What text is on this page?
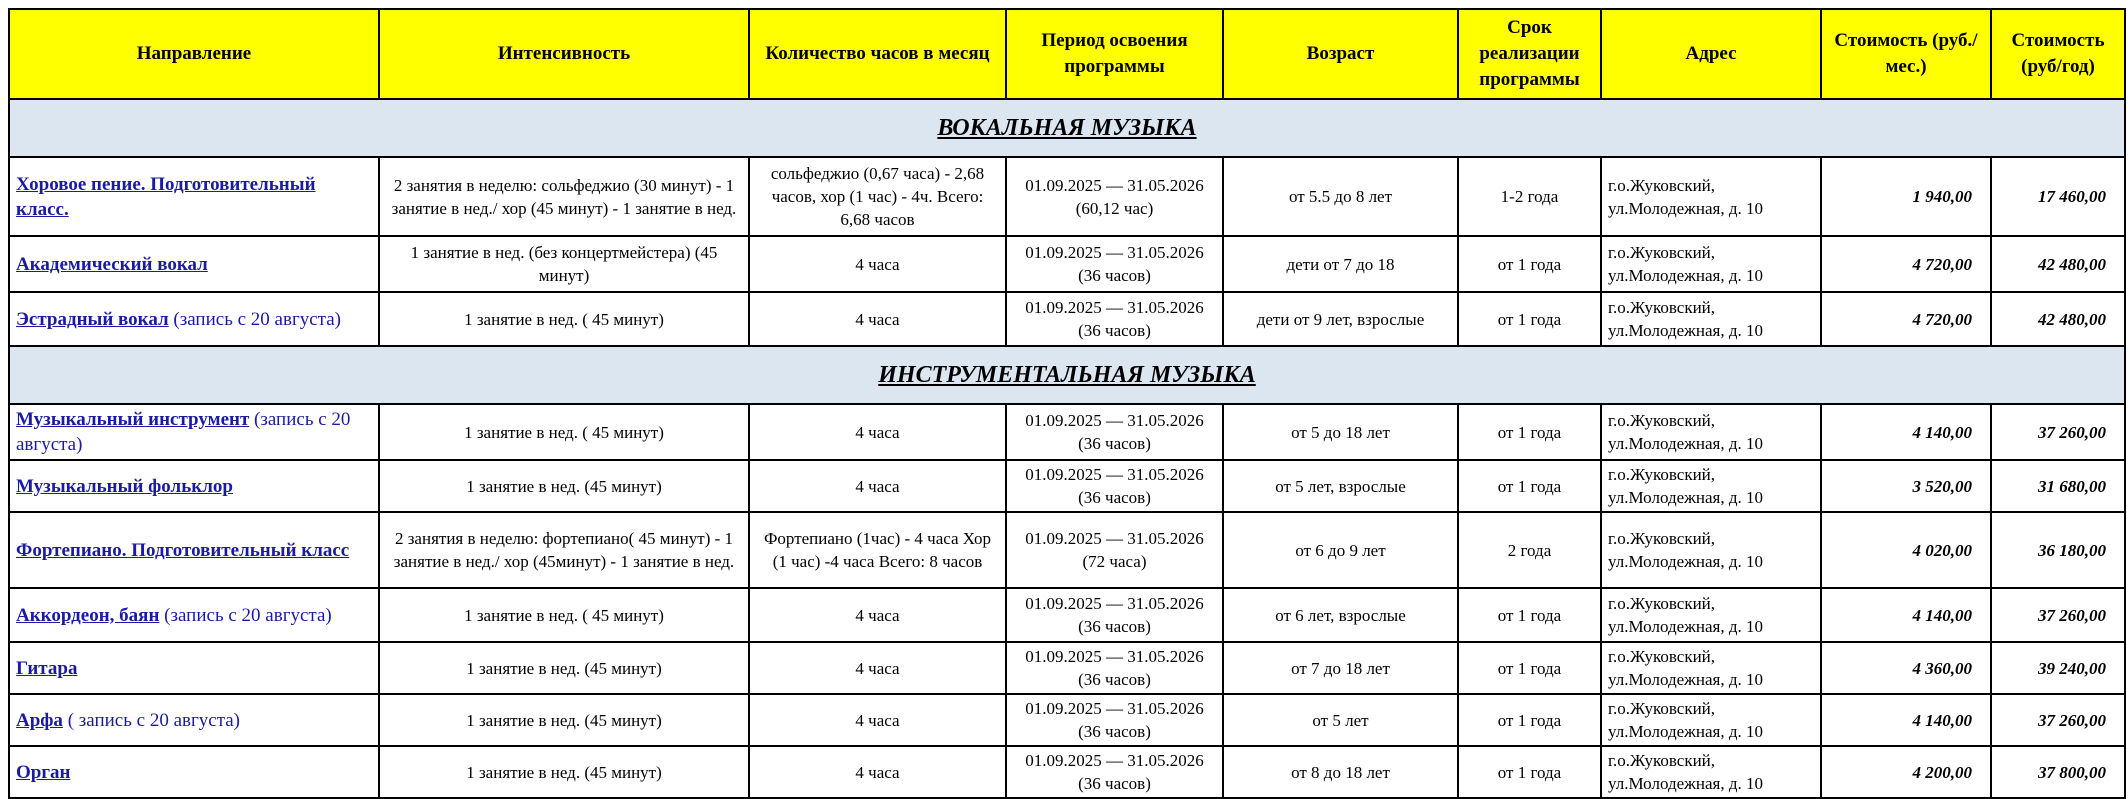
Направление	Интенсивность	Количество часов в месяц	Период освоения программы	Возраст	Срок реализации программы	Адрес	Стоимость (руб./мес.)	Стоимость (руб/год)
ВОКАЛЬНАЯ МУЗЫКА								
Хоровое пение. Подготовительный класс.	2 занятия в неделю: сольфеджио (30 минут) - 1 занятие в нед./ хор (45 минут) - 1 занятие в нед.	сольфеджио (0,67 часа) - 2,68 часов, хор (1 час) - 4ч. Всего: 6,68 часов	01.09.2025 — 31.05.2026 (60,12 час)	от 5.5 до 8 лет	1-2 года	г.о.Жуковский, ул.Молодежная, д. 10	1 940,00	17 460,00
Академический вокал	1 занятие в нед. (без концертмейстера) (45 минут)	4 часа	01.09.2025 — 31.05.2026 (36 часов)	дети от 7 до 18	от 1 года	г.о.Жуковский, ул.Молодежная, д. 10	4 720,00	42 480,00
Эстрадный вокал (запись с 20 августа)	1 занятие в нед. ( 45 минут)	4 часа	01.09.2025 — 31.05.2026 (36 часов)	дети от 9 лет, взрослые	от 1 года	г.о.Жуковский, ул.Молодежная, д. 10	4 720,00	42 480,00
ИНСТРУМЕНТАЛЬНАЯ МУЗЫКА								
Музыкальный инструмент (запись с 20 августа)	1 занятие в нед. ( 45 минут)	4 часа	01.09.2025 — 31.05.2026 (36 часов)	от 5 до 18 лет	от 1 года	г.о.Жуковский, ул.Молодежная, д. 10	4 140,00	37 260,00
Музыкальный фольклор	1 занятие в нед. (45 минут)	4 часа	01.09.2025 — 31.05.2026 (36 часов)	от 5 лет, взрослые	от 1 года	г.о.Жуковский, ул.Молодежная, д. 10	3 520,00	31 680,00
Фортепиано. Подготовительный класс	2 занятия в неделю: фортепиано( 45 минут) - 1 занятие в нед./ хор (45минут) - 1 занятие в нед.	Фортепиано (1час) - 4 часа Хор (1 час) -4 часа Всего: 8 часов	01.09.2025 — 31.05.2026 (72 часа)	от 6 до 9 лет	2 года	г.о.Жуковский, ул.Молодежная, д. 10	4 020,00	36 180,00
Аккордеон, баян (запись с 20 августа)	1 занятие в нед. ( 45 минут)	4 часа	01.09.2025 — 31.05.2026 (36 часов)	от 6 лет, взрослые	от 1 года	г.о.Жуковский, ул.Молодежная, д. 10	4 140,00	37 260,00
Гитара	1 занятие в нед. (45 минут)	4 часа	01.09.2025 — 31.05.2026 (36 часов)	от 7 до 18 лет	от 1 года	г.о.Жуковский, ул.Молодежная, д. 10	4 360,00	39 240,00
Арфа ( запись с 20 августа)	1 занятие в нед. (45 минут)	4 часа	01.09.2025 — 31.05.2026 (36 часов)	от 5 лет	от 1 года	г.о.Жуковский, ул.Молодежная, д. 10	4 140,00	37 260,00
Орган	1 занятие в нед. (45 минут)	4 часа	01.09.2025 — 31.05.2026 (36 часов)	от 8 до 18 лет	от 1 года	г.о.Жуковский, ул.Молодежная, д. 10	4 200,00	37 800,00
